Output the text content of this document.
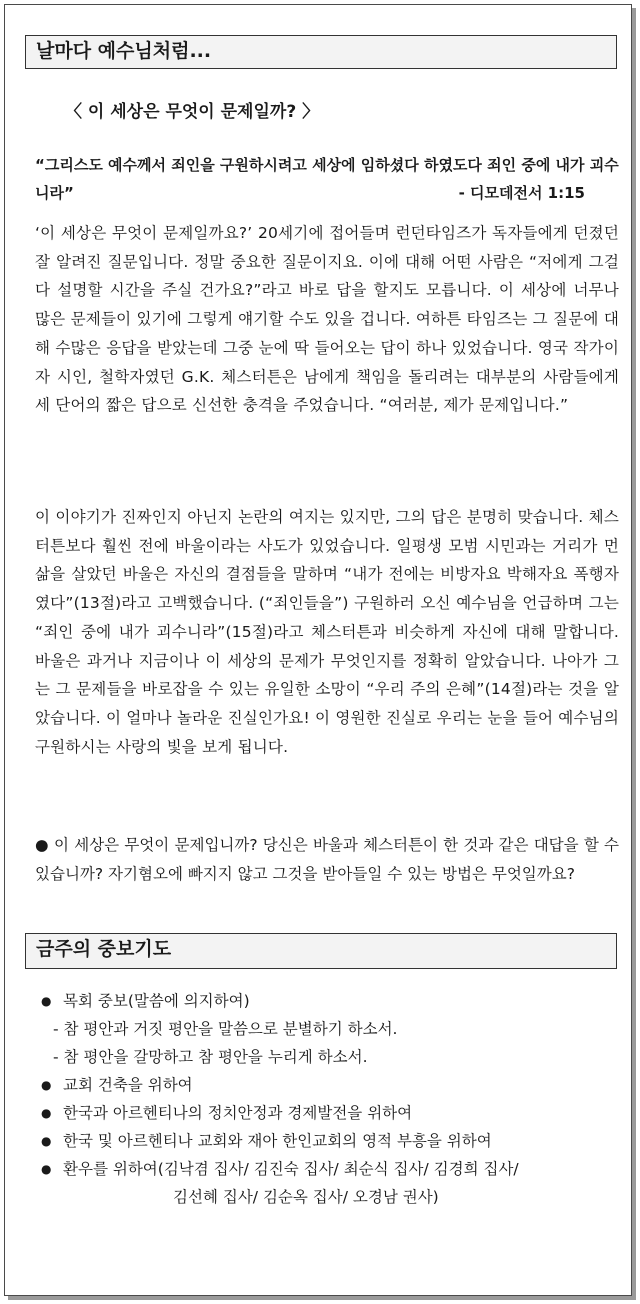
날마다 예수님처럼...
〈 이 세상은 무엇이 문제일까? 〉
“그리스도 예수께서 죄인을 구원하시려고 세상에 임하셨다 하였도다 죄인 중에 내가 괴수니라”	- 디모데전서 1:15
‘이 세상은 무엇이 문제일까요?’ 20세기에 접어들며 런던타임즈가 독자들에게 던졌던 잘 알려진 질문입니다. 정말 중요한 질문이지요. 이에 대해 어떤 사람은 “저에게 그걸 다 설명할 시간을 주실 건가요?”라고 바로 답을 할지도 모릅니다. 이 세상에 너무나 많은 문제들이 있기에 그렇게 얘기할 수도 있을 겁니다. 여하튼 타임즈는 그 질문에 대해 수많은 응답을 받았는데 그중 눈에 딱 들어오는 답이 하나 있었습니다. 영국 작가이자 시인, 철학자였던 G.K. 체스터튼은 남에게 책임을 돌리려는 대부분의 사람들에게 세 단어의 짧은 답으로 신선한 충격을 주었습니다. “여러분, 제가 문제입니다.”
이 이야기가 진짜인지 아닌지 논란의 여지는 있지만, 그의 답은 분명히 맞습니다. 체스터튼보다 훨씬 전에 바울이라는 사도가 있었습니다. 일평생 모범 시민과는 거리가 먼 삶을 살았던 바울은 자신의 결점들을 말하며 “내가 전에는 비방자요 박해자요 폭행자였다”(13절)라고 고백했습니다. (“죄인들을”) 구원하러 오신 예수님을 언급하며 그는 “죄인 중에 내가 괴수니라”(15절)라고 체스터튼과 비슷하게 자신에 대해 말합니다. 바울은 과거나 지금이나 이 세상의 문제가 무엇인지를 정확히 알았습니다. 나아가 그는 그 문제들을 바로잡을 수 있는 유일한 소망이 “우리 주의 은혜”(14절)라는 것을 알았습니다. 이 얼마나 놀라운 진실인가요! 이 영원한 진실로 우리는 눈을 들어 예수님의 구원하시는 사랑의 빛을 보게 됩니다.
● 이 세상은 무엇이 문제입니까? 당신은 바울과 체스터튼이 한 것과 같은 대답을 할 수 있습니까? 자기혐오에 빠지지 않고 그것을 받아들일 수 있는 방법은 무엇일까요?
금주의 중보기도
● 목회 중보(말씀에 의지하여)
- 참 평안과 거짓 평안을 말씀으로 분별하기 하소서.
- 참 평안을 갈망하고 참 평안을 누리게 하소서.
● 교회 건축을 위하여
● 한국과 아르헨티나의 정치안정과 경제발전을 위하여
● 한국 및 아르헨티나 교회와 재아 한인교회의 영적 부흥을 위하여
● 환우를 위하여(김낙겸 집사/ 김진숙 집사/ 최순식 집사/ 김경희 집사/
김선혜 집사/ 김순옥 집사/ 오경남 권사)
